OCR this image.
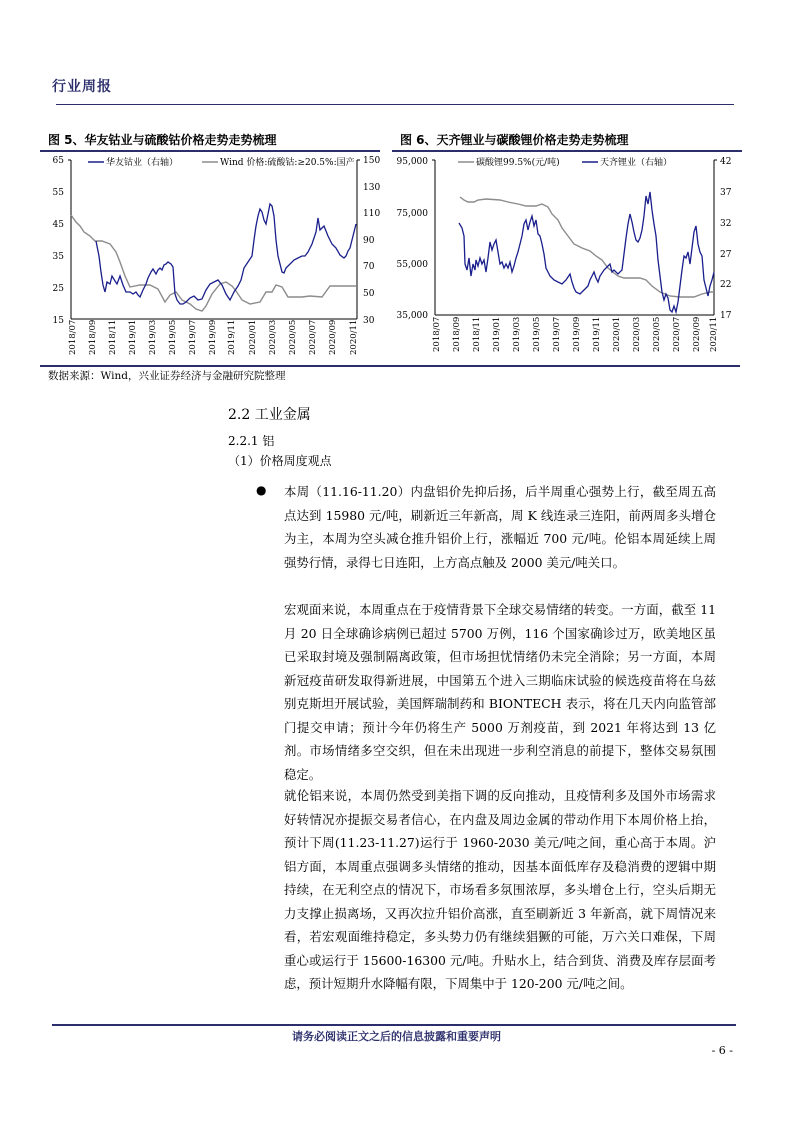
行业周报
图 5、华友钴业与硫酸钴价格走势走势梳理
65
55
45
35
25
15
150
130
110
90
70
50
30
2018/07 2018/09 2018/11 2019/01 2019/03 2019/05 2019/07 2019/09 2019/11 2020/01 2020/03 2020/05 2020/07 2020/09 2020/11
华友钴业（右轴）	Wind 价格:硫酸钴:≥20.5%:国产
图 6、天齐锂业与碳酸锂价格走势走势梳理
95,000
75,000
55,000
35,000
42
37
32
27
22
17
2018/07 2018/09 2018/11 2019/01 2019/03 2019/05 2019/07 2019/09 2019/11 2020/01 2020/03 2020/05 2020/07 2020/09 2020/11
碳酸锂99.5%(元/吨)	天齐锂业（右轴）
数据来源：Wind，兴业证券经济与金融研究院整理
2.2 工业金属
2.2.1 铝
（1）价格周度观点
● 本周（11.16-11.20）内盘铝价先抑后扬，后半周重心强势上行，截至周五高点达到 15980 元/吨，刷新近三年新高，周 K 线连录三连阳，前两周多头增仓为主，本周为空头减仓推升铝价上行，涨幅近 700 元/吨。伦铝本周延续上周强势行情，录得七日连阳，上方高点触及 2000 美元/吨关口。
宏观面来说，本周重点在于疫情背景下全球交易情绪的转变。一方面，截至 11 月 20 日全球确诊病例已超过 5700 万例，116 个国家确诊过万，欧美地区虽已采取封境及强制隔离政策，但市场担忧情绪仍未完全消除；另一方面，本周新冠疫苗研发取得新进展，中国第五个进入三期临床试验的候选疫苗将在乌兹别克斯坦开展试验，美国辉瑞制药和 BIONTECH 表示，将在几天内向监管部门提交申请；预计今年仍将生产 5000 万剂疫苗，到 2021 年将达到 13 亿剂。市场情绪多空交织，但在未出现进一步利空消息的前提下，整体交易氛围稳定。
就伦铝来说，本周仍然受到美指下调的反向推动，且疫情利多及国外市场需求好转情况亦提振交易者信心，在内盘及周边金属的带动作用下本周价格上抬，预计下周(11.23-11.27)运行于 1960-2030 美元/吨之间，重心高于本周。沪铝方面，本周重点强调多头情绪的推动，因基本面低库存及稳消费的逻辑中期持续，在无利空点的情况下，市场看多氛围浓厚，多头增仓上行，空头后期无力支撑止损离场，又再次拉升铝价高涨，直至刷新近 3 年新高，就下周情况来看，若宏观面维持稳定，多头势力仍有继续猖獗的可能，万六关口难保，下周重心或运行于 15600-16300 元/吨。升贴水上，结合到货、消费及库存层面考虑，预计短期升水降幅有限，下周集中于 120-200 元/吨之间。
请务必阅读正文之后的信息披露和重要声明
- 6 -
